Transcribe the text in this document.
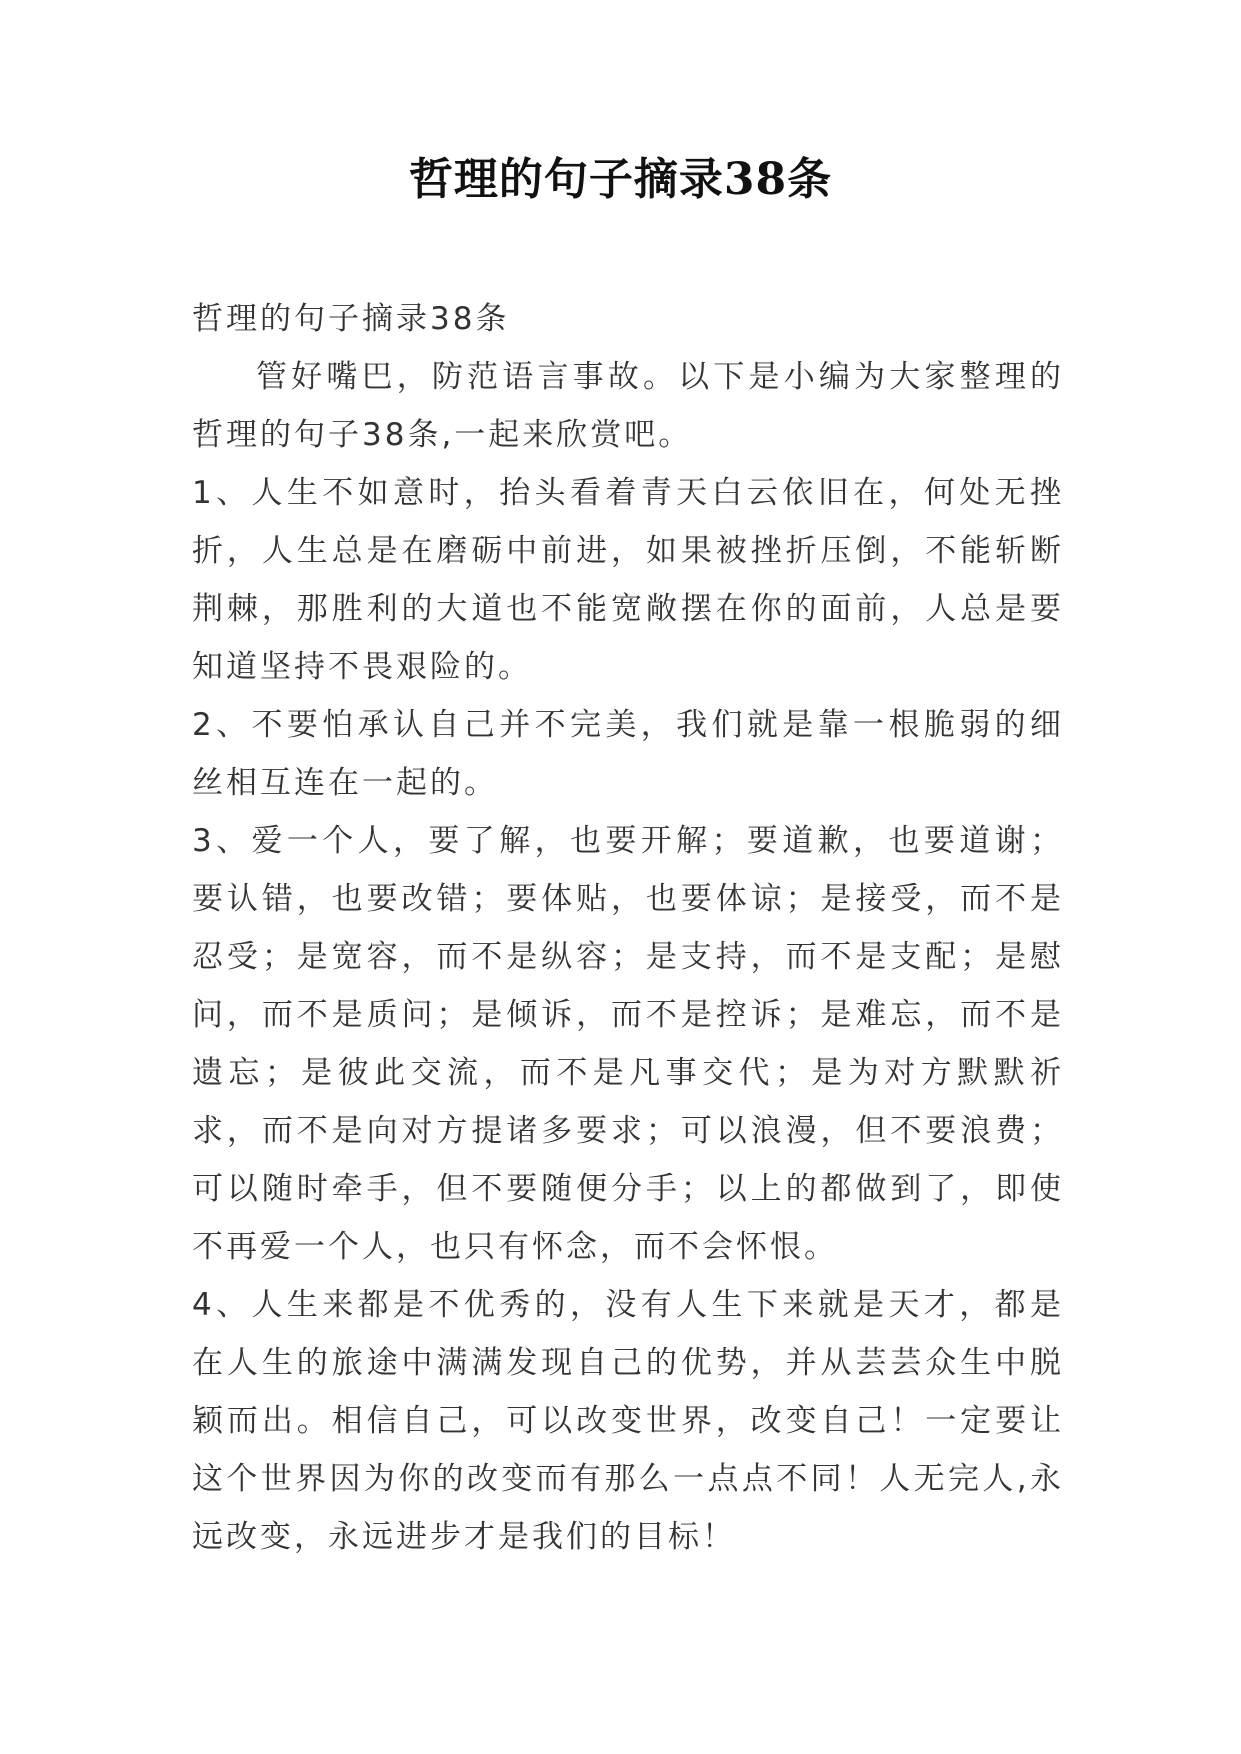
哲理的句子摘录38条

哲理的句子摘录38条

管好嘴巴，防范语言事故。以下是小编为大家整理的哲理的句子38条,一起来欣赏吧。

1、人生不如意时，抬头看着青天白云依旧在，何处无挫折，人生总是在磨砺中前进，如果被挫折压倒，不能斩断荆棘，那胜利的大道也不能宽敞摆在你的面前，人总是要知道坚持不畏艰险的。

2、不要怕承认自己并不完美，我们就是靠一根脆弱的细丝相互连在一起的。

3、爱一个人，要了解，也要开解；要道歉，也要道谢；要认错，也要改错；要体贴，也要体谅；是接受，而不是忍受；是宽容，而不是纵容；是支持，而不是支配；是慰问，而不是质问；是倾诉，而不是控诉；是难忘，而不是遗忘；是彼此交流，而不是凡事交代；是为对方默默祈求，而不是向对方提诸多要求；可以浪漫，但不要浪费；可以随时牵手，但不要随便分手；以上的都做到了，即使不再爱一个人，也只有怀念，而不会怀恨。

4、人生来都是不优秀的，没有人生下来就是天才，都是在人生的旅途中满满发现自己的优势，并从芸芸众生中脱颖而出。相信自己，可以改变世界，改变自己！一定要让这个世界因为你的改变而有那么一点点不同！人无完人,永远改变，永远进步才是我们的目标！
